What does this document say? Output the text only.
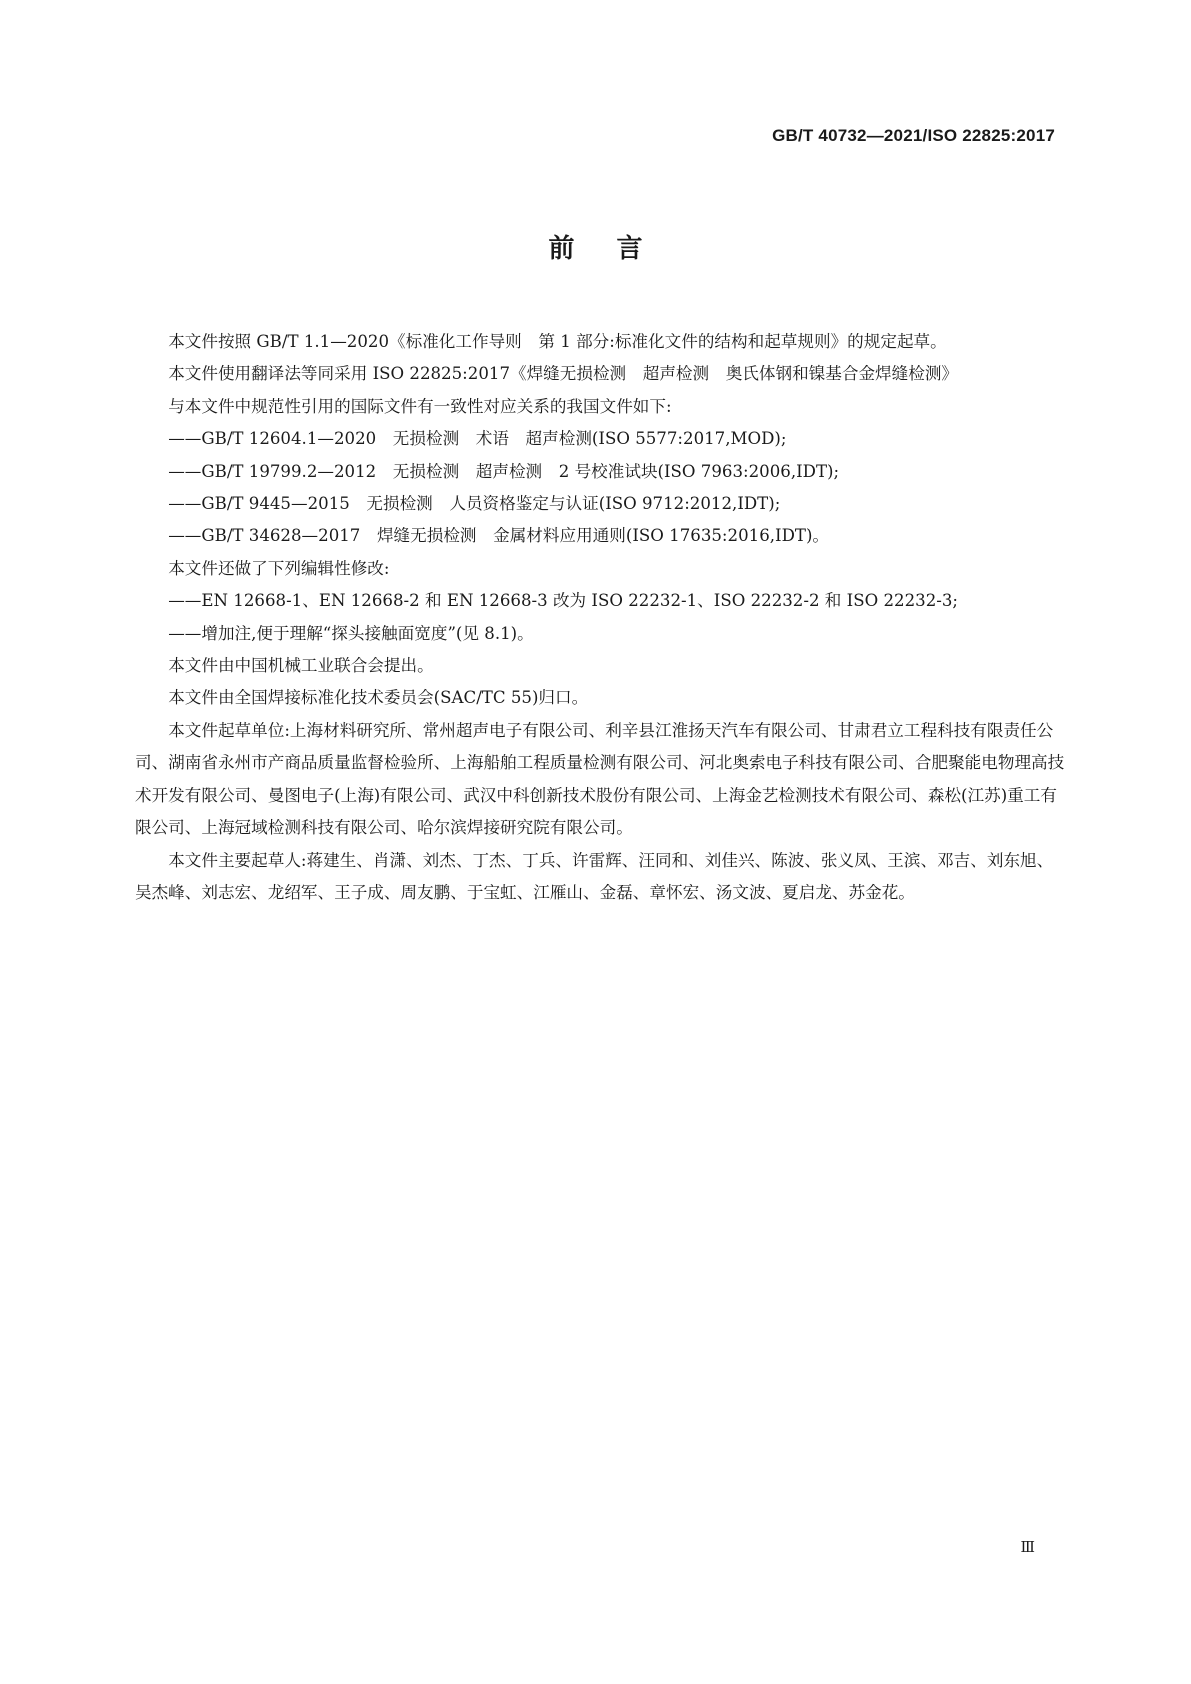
GB/T 40732—2021/ISO 22825:2017
前言

本文件按照 GB/T 1.1—2020《标准化工作导则　第 1 部分:标准化文件的结构和起草规则》的规定起草。

本文件使用翻译法等同采用 ISO 22825:2017《焊缝无损检测　超声检测　奥氏体钢和镍基合金焊缝检测》

与本文件中规范性引用的国际文件有一致性对应关系的我国文件如下:

——GB/T 12604.1—2020　无损检测　术语　超声检测(ISO 5577:2017,MOD);

——GB/T 19799.2—2012　无损检测　超声检测　2 号校准试块(ISO 7963:2006,IDT);

——GB/T 9445—2015　无损检测　人员资格鉴定与认证(ISO 9712:2012,IDT);

——GB/T 34628—2017　焊缝无损检测　金属材料应用通则(ISO 17635:2016,IDT)。

本文件还做了下列编辑性修改:

——EN 12668-1、EN 12668-2 和 EN 12668-3 改为 ISO 22232-1、ISO 22232-2 和 ISO 22232-3;

——增加注,便于理解“探头接触面宽度”(见 8.1)。

本文件由中国机械工业联合会提出。

本文件由全国焊接标准化技术委员会(SAC/TC 55)归口。

本文件起草单位:上海材料研究所、常州超声电子有限公司、利辛县江淮扬天汽车有限公司、甘肃君立工程科技有限责任公司、湖南省永州市产商品质量监督检验所、上海船舶工程质量检测有限公司、河北奥索电子科技有限公司、合肥聚能电物理高技术开发有限公司、曼图电子(上海)有限公司、武汉中科创新技术股份有限公司、上海金艺检测技术有限公司、森松(江苏)重工有限公司、上海冠域检测科技有限公司、哈尔滨焊接研究院有限公司。

本文件主要起草人:蒋建生、肖潇、刘杰、丁杰、丁兵、许雷辉、汪同和、刘佳兴、陈波、张义凤、王滨、邓吉、刘东旭、吴杰峰、刘志宏、龙绍军、王子成、周友鹏、于宝虹、江雁山、金磊、章怀宏、汤文波、夏启龙、苏金花。

Ⅲ
